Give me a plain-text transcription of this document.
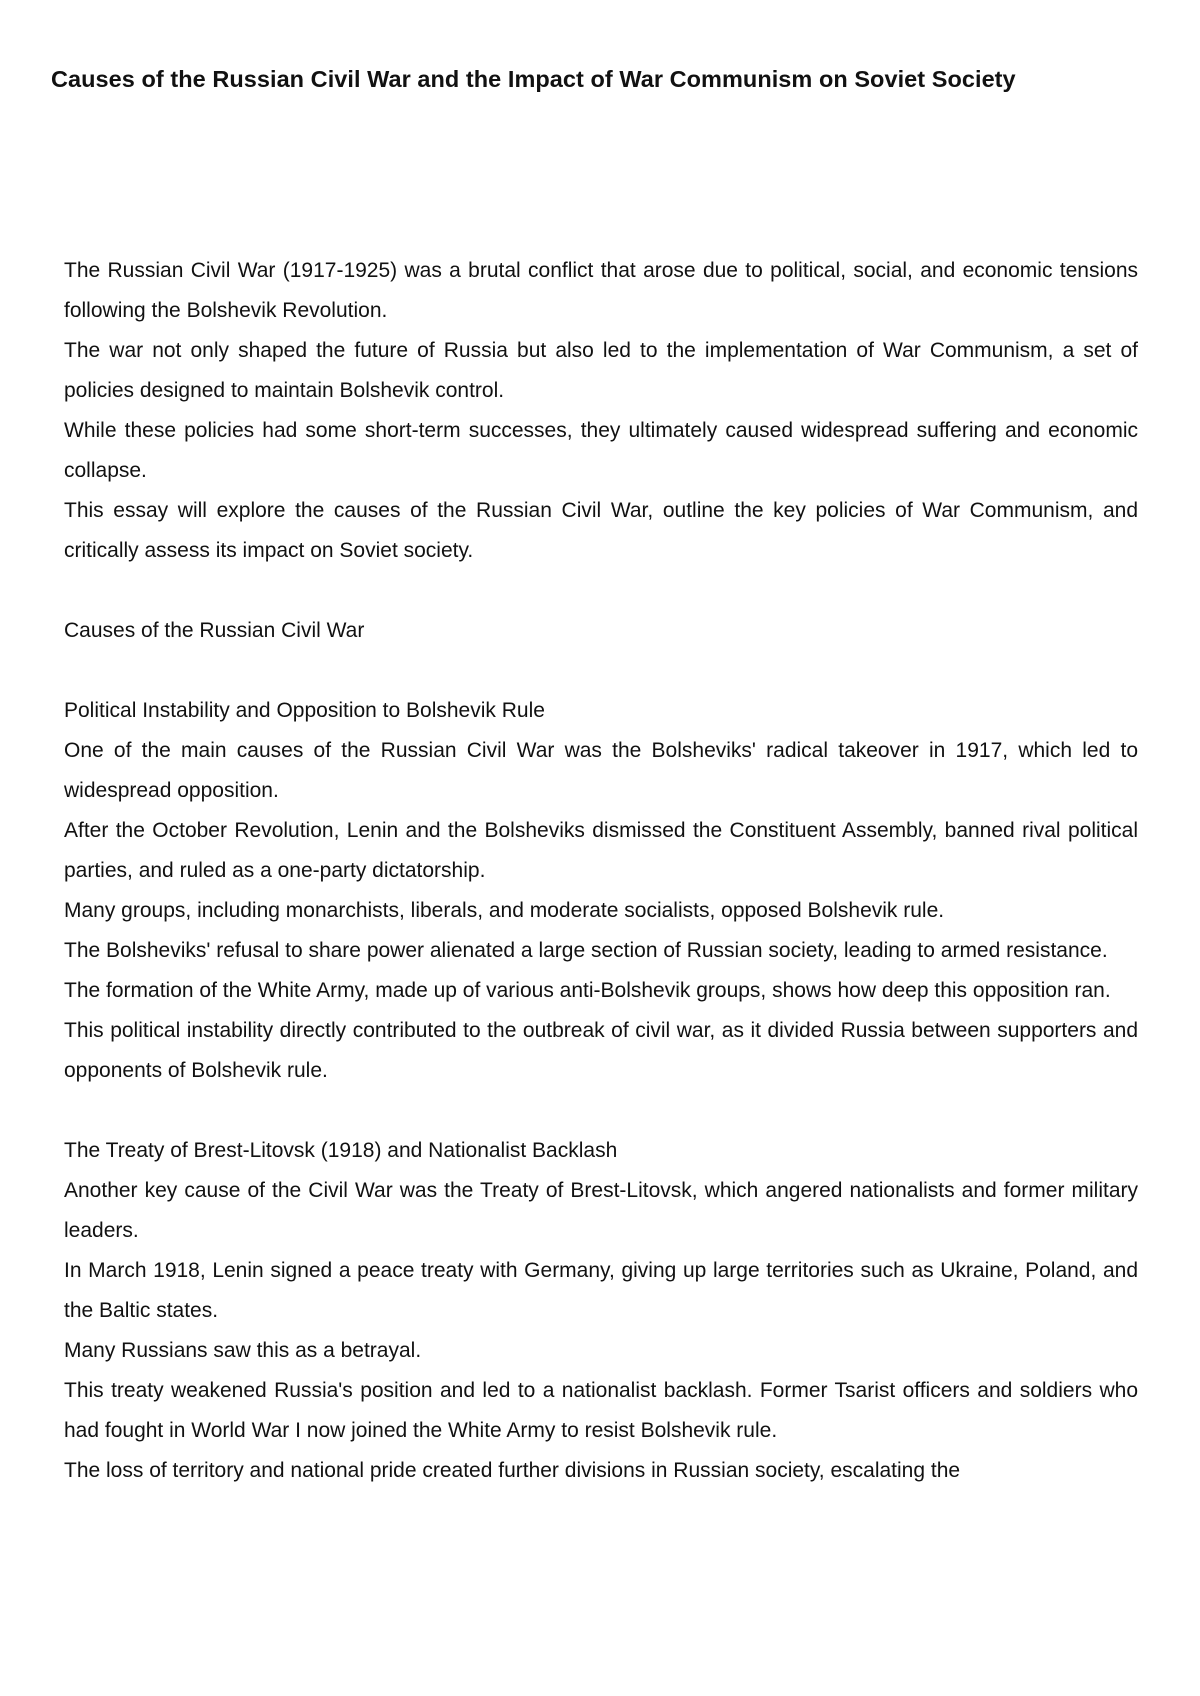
Causes of the Russian Civil War and the Impact of War Communism on Soviet Society

The Russian Civil War (1917-1925) was a brutal conflict that arose due to political, social, and economic tensions following the Bolshevik Revolution.

The war not only shaped the future of Russia but also led to the implementation of War Communism, a set of policies designed to maintain Bolshevik control.

While these policies had some short-term successes, they ultimately caused widespread suffering and economic collapse.

This essay will explore the causes of the Russian Civil War, outline the key policies of War Communism, and critically assess its impact on Soviet society.

Causes of the Russian Civil War

Political Instability and Opposition to Bolshevik Rule

One of the main causes of the Russian Civil War was the Bolsheviks' radical takeover in 1917, which led to widespread opposition.

After the October Revolution, Lenin and the Bolsheviks dismissed the Constituent Assembly, banned rival political parties, and ruled as a one-party dictatorship.

Many groups, including monarchists, liberals, and moderate socialists, opposed Bolshevik rule.

The Bolsheviks' refusal to share power alienated a large section of Russian society, leading to armed resistance.

The formation of the White Army, made up of various anti-Bolshevik groups, shows how deep this opposition ran.

This political instability directly contributed to the outbreak of civil war, as it divided Russia between supporters and opponents of Bolshevik rule.

The Treaty of Brest-Litovsk (1918) and Nationalist Backlash

Another key cause of the Civil War was the Treaty of Brest-Litovsk, which angered nationalists and former military leaders.

In March 1918, Lenin signed a peace treaty with Germany, giving up large territories such as Ukraine, Poland, and the Baltic states.

Many Russians saw this as a betrayal.

This treaty weakened Russia's position and led to a nationalist backlash. Former Tsarist officers and soldiers who had fought in World War I now joined the White Army to resist Bolshevik rule.

The loss of territory and national pride created further divisions in Russian society, escalating the
